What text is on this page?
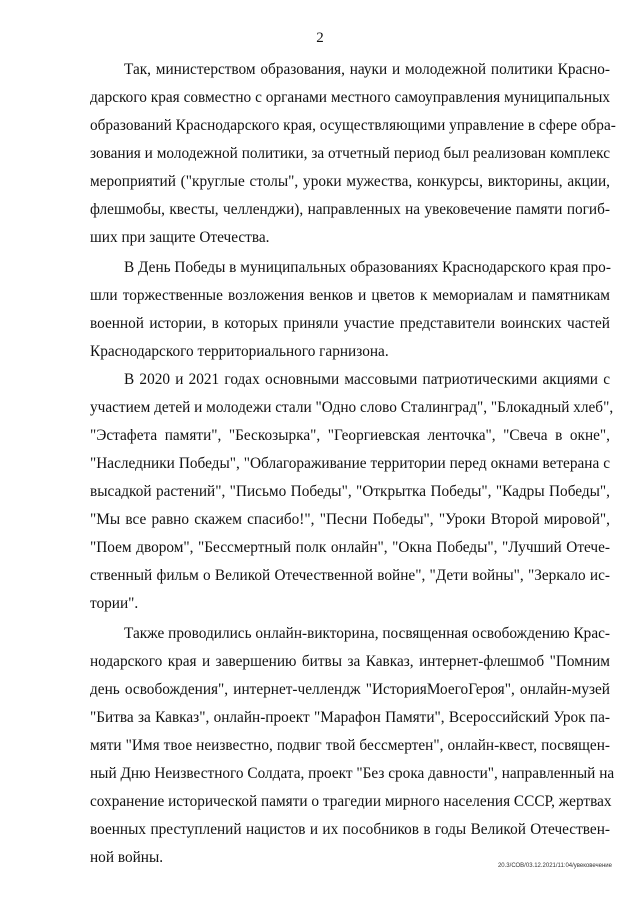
2
Так, министерством образования, науки и молодежной политики Красно-
дарского края совместно с органами местного самоуправления муниципальных
образований Краснодарского края, осуществляющими управление в сфере обра-
зования и молодежной политики, за отчетный период был реализован комплекс
мероприятий ("круглые столы", уроки мужества, конкурсы, викторины, акции,
флешмобы, квесты, челленджи), направленных на увековечение памяти погиб-
ших при защите Отечества.
В День Победы в муниципальных образованиях Краснодарского края про-
шли торжественные возложения венков и цветов к мемориалам и памятникам
военной истории, в которых приняли участие представители воинских частей
Краснодарского территориального гарнизона.
В 2020 и 2021 годах основными массовыми патриотическими акциями с
участием детей и молодежи стали "Одно слово Сталинград", "Блокадный хлеб",
"Эстафета памяти", "Бескозырка", "Георгиевская ленточка", "Свеча в окне",
"Наследники Победы", "Облагораживание территории перед окнами ветерана с
высадкой растений", "Письмо Победы", "Открытка Победы", "Кадры Победы",
"Мы все равно скажем спасибо!", "Песни Победы", "Уроки Второй мировой",
"Поем двором", "Бессмертный полк онлайн", "Окна Победы", "Лучший Отече-
ственный фильм о Великой Отечественной войне", "Дети войны", "Зеркало ис-
тории".
Также проводились онлайн-викторина, посвященная освобождению Крас-
нодарского края и завершению битвы за Кавказ, интернет-флешмоб "Помним
день освобождения", интернет-челлендж "ИсторияМоегоГероя", онлайн-музей
"Битва за Кавказ", онлайн-проект "Марафон Памяти", Всероссийский Урок па-
мяти "Имя твое неизвестно, подвиг твой бессмертен", онлайн-квест, посвящен-
ный Дню Неизвестного Солдата, проект "Без срока давности", направленный на
сохранение исторической памяти о трагедии мирного населения СССР, жертвах
военных преступлений нацистов и их пособников в годы Великой Отечествен-
ной войны.	20.3/СОВ/03.12.2021/11:04/увековечение
